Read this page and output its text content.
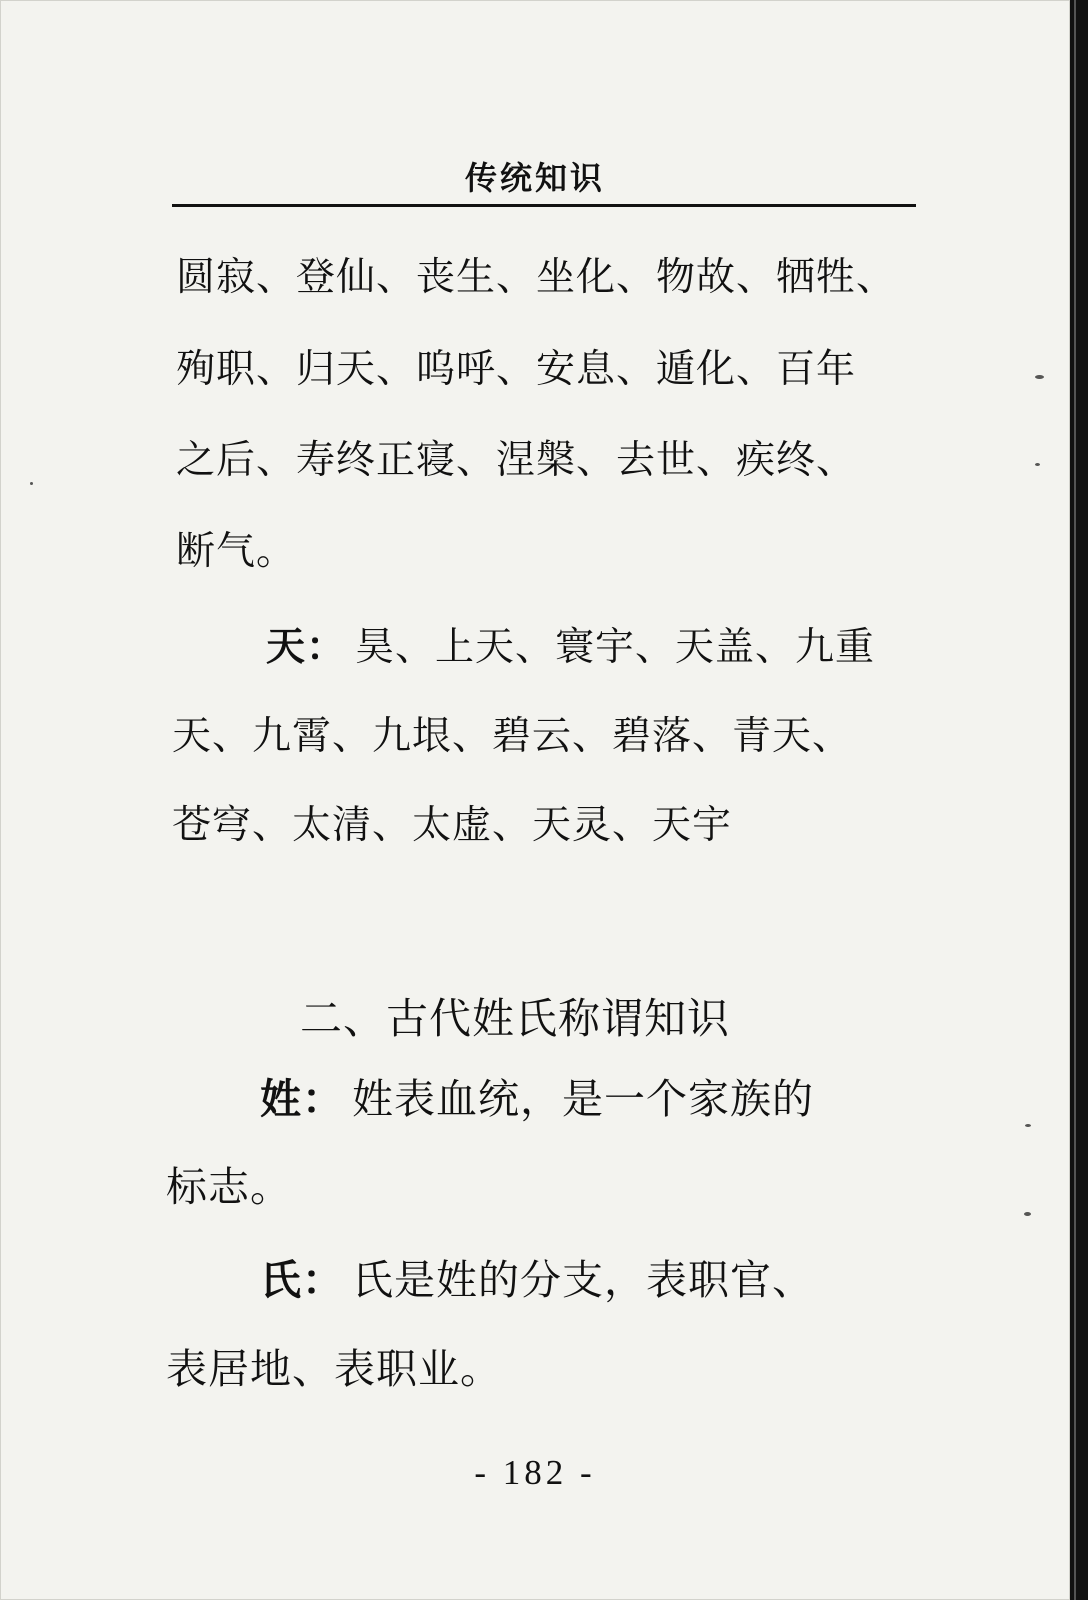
传统知识
圆寂、登仙、丧生、坐化、物故、牺牲、
殉职、归天、呜呼、安息、遁化、百年
之后、寿终正寝、涅槃、去世、疾终、
断气。
天： 昊、上天、寰宇、天盖、九重
天、九霄、九垠、碧云、碧落、青天、
苍穹、太清、太虚、天灵、天宇
二、古代姓氏称谓知识
姓： 姓表血统，是一个家族的
标志。
氏： 氏是姓的分支，表职官、
表居地、表职业。
- 182 -
